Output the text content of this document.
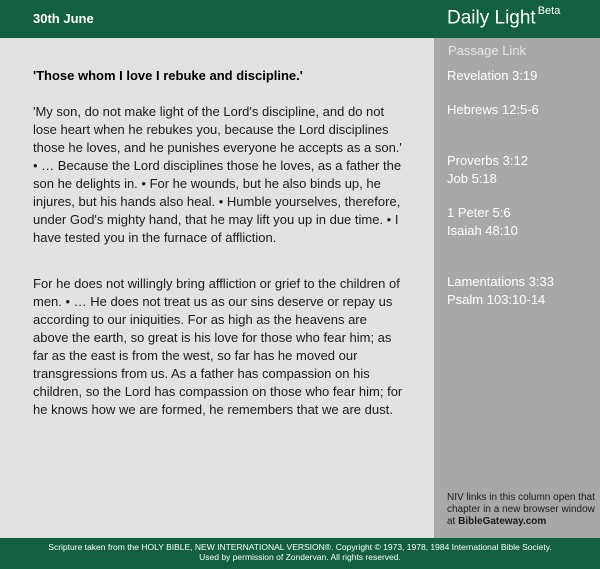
30th June	Daily Light $^{Beta}$
'Those whom I love I rebuke and discipline.'
'My son, do not make light of the Lord's discipline, and do not lose heart when he rebukes you, because the Lord disciplines those he loves, and he punishes everyone he accepts as a son.' • … Because the Lord disciplines those he loves, as a father the son he delights in. • For he wounds, but he also binds up, he injures, but his hands also heal. • Humble yourselves, therefore, under God's mighty hand, that he may lift you up in due time. • I have tested you in the furnace of affliction.
For he does not willingly bring affliction or grief to the children of men. • … He does not treat us as our sins deserve or repay us according to our iniquities. For as high as the heavens are above the earth, so great is his love for those who fear him; as far as the east is from the west, so far has he moved our transgressions from us. As a father has compassion on his children, so the Lord has compassion on those who fear him; for he knows how we are formed, he remembers that we are dust.
Passage Link
Revelation 3:19
Hebrews 12:5-6
Proverbs 3:12
Job 5:18
1 Peter 5:6
Isaiah 48:10
Lamentations 3:33
Psalm 103:10-14
NIV links in this column open that chapter in a new browser window at BibleGateway.com
Scripture taken from the HOLY BIBLE, NEW INTERNATIONAL VERSION®. Copyright © 1973, 1978, 1984 International Bible Society.
Used by permission of Zondervan. All rights reserved.
